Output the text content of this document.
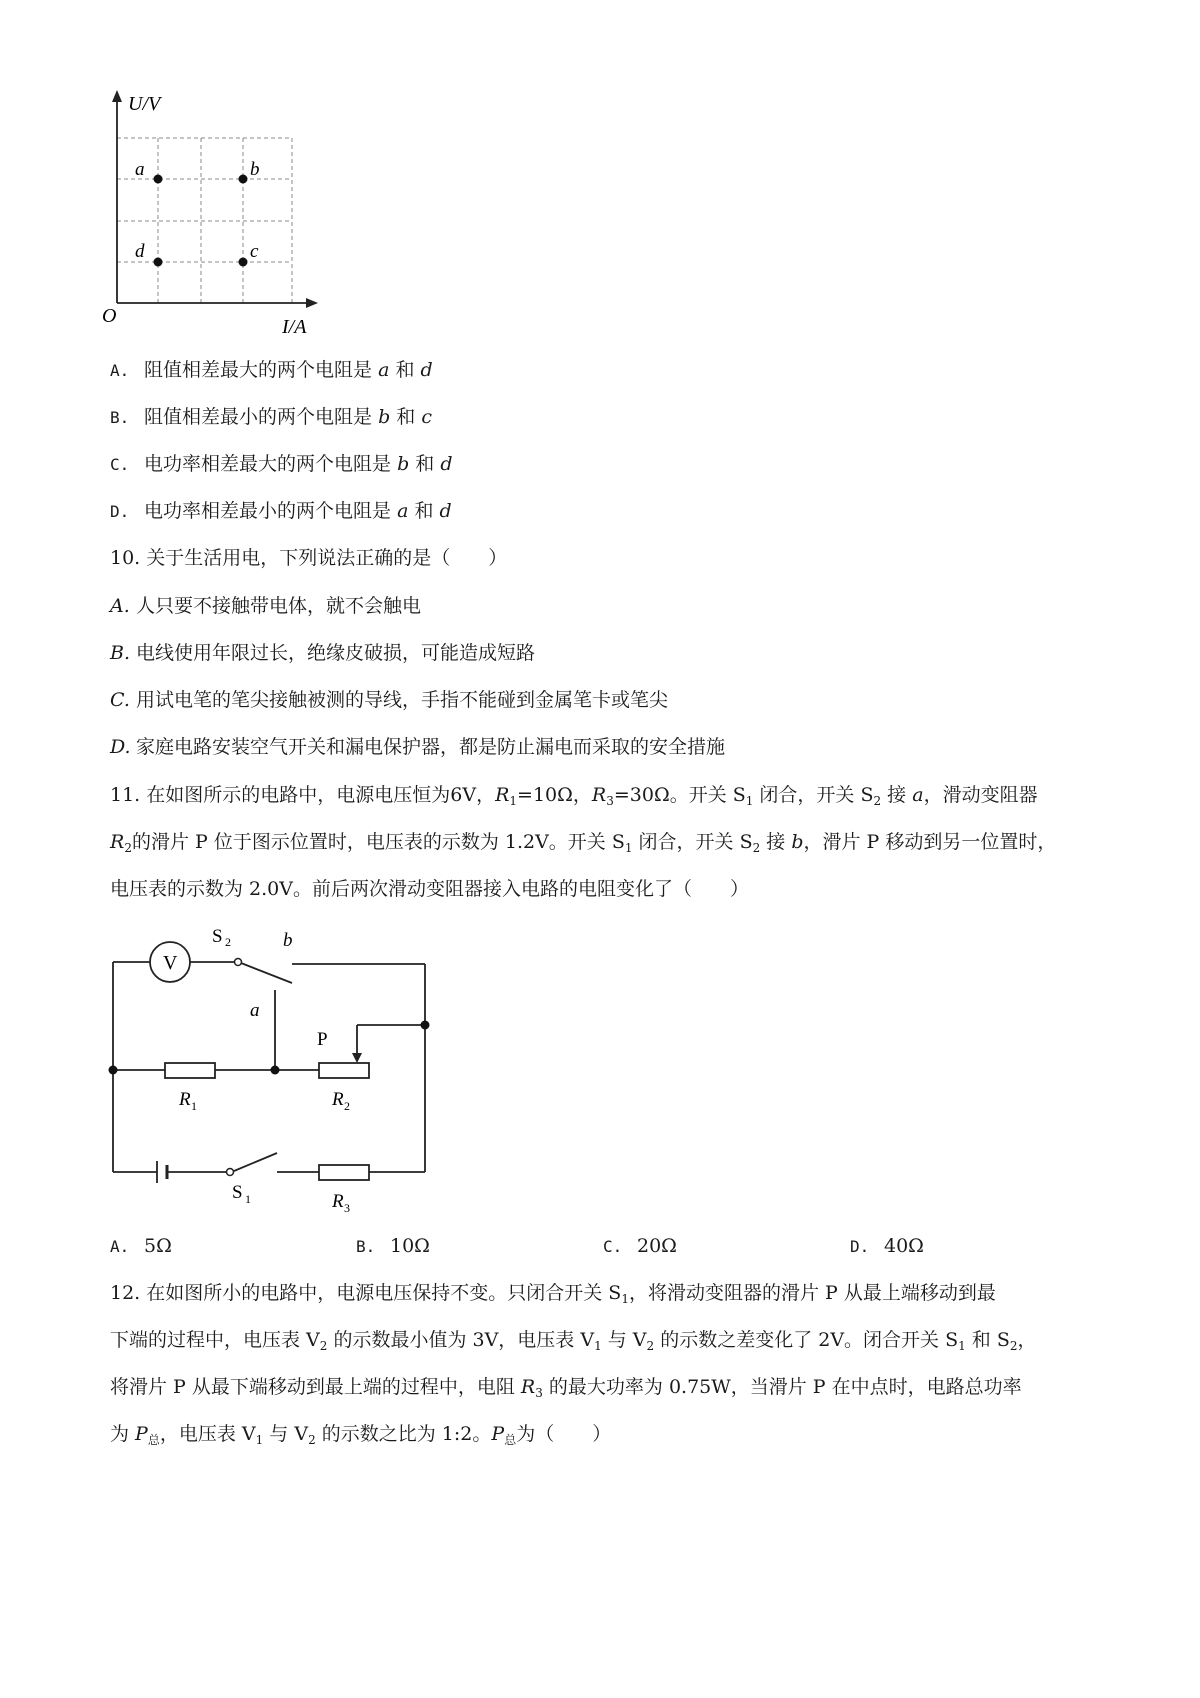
U/V
I/A
O
a	b
c
d
A. 阻值相差最大的两个电阻是 a 和 d
B. 阻值相差最小的两个电阻是 b 和 c
C. 电功率相差最大的两个电阻是 b 和 d
D. 电功率相差最小的两个电阻是 a 和 d
10. 关于生活用电，下列说法正确的是（　　）
A. 人只要不接触带电体，就不会触电
B. 电线使用年限过长，绝缘皮破损，可能造成短路
C. 用试电笔的笔尖接触被测的导线，手指不能碰到金属笔卡或笔尖
D. 家庭电路安装空气开关和漏电保护器，都是防止漏电而采取的安全措施
11. 在如图所示的电路中，电源电压恒为6V，$R_1=10\Omega$，$R_3=30\Omega$。开关 $S_1$ 闭合，开关 $S_2$ 接 a，滑动变阻器
$R_2$的滑片 P 位于图示位置时，电压表的示数为 1.2V。开关 $S_1$ 闭合，开关 $S_2$ 接 b，滑片 P 移动到另一位置时，
电压表的示数为 2.0V。前后两次滑动变阻器接入电路的电阻变化了（　　）
V
S 2	b
a
P
R 1	R 2
S 1	R 3
A. 5Ω	B. 10Ω	C. 20Ω	D. 40Ω
12. 在如图所小的电路中，电源电压保持不变。只闭合开关 $S_1$，将滑动变阻器的滑片 P 从最上端移动到最
下端的过程中，电压表 $V_2$ 的示数最小值为 3V，电压表 $V_1$ 与 $V_2$ 的示数之差变化了 2V。闭合开关 $S_1$ 和 $S_2$，
将滑片 P 从最下端移动到最上端的过程中，电阻 $R_3$ 的最大功率为 0.75W，当滑片 P 在中点时，电路总功率
为 $P_总$，电压表 $V_1$ 与 $V_2$ 的示数之比为 1:2。$P_总$为（　　）
